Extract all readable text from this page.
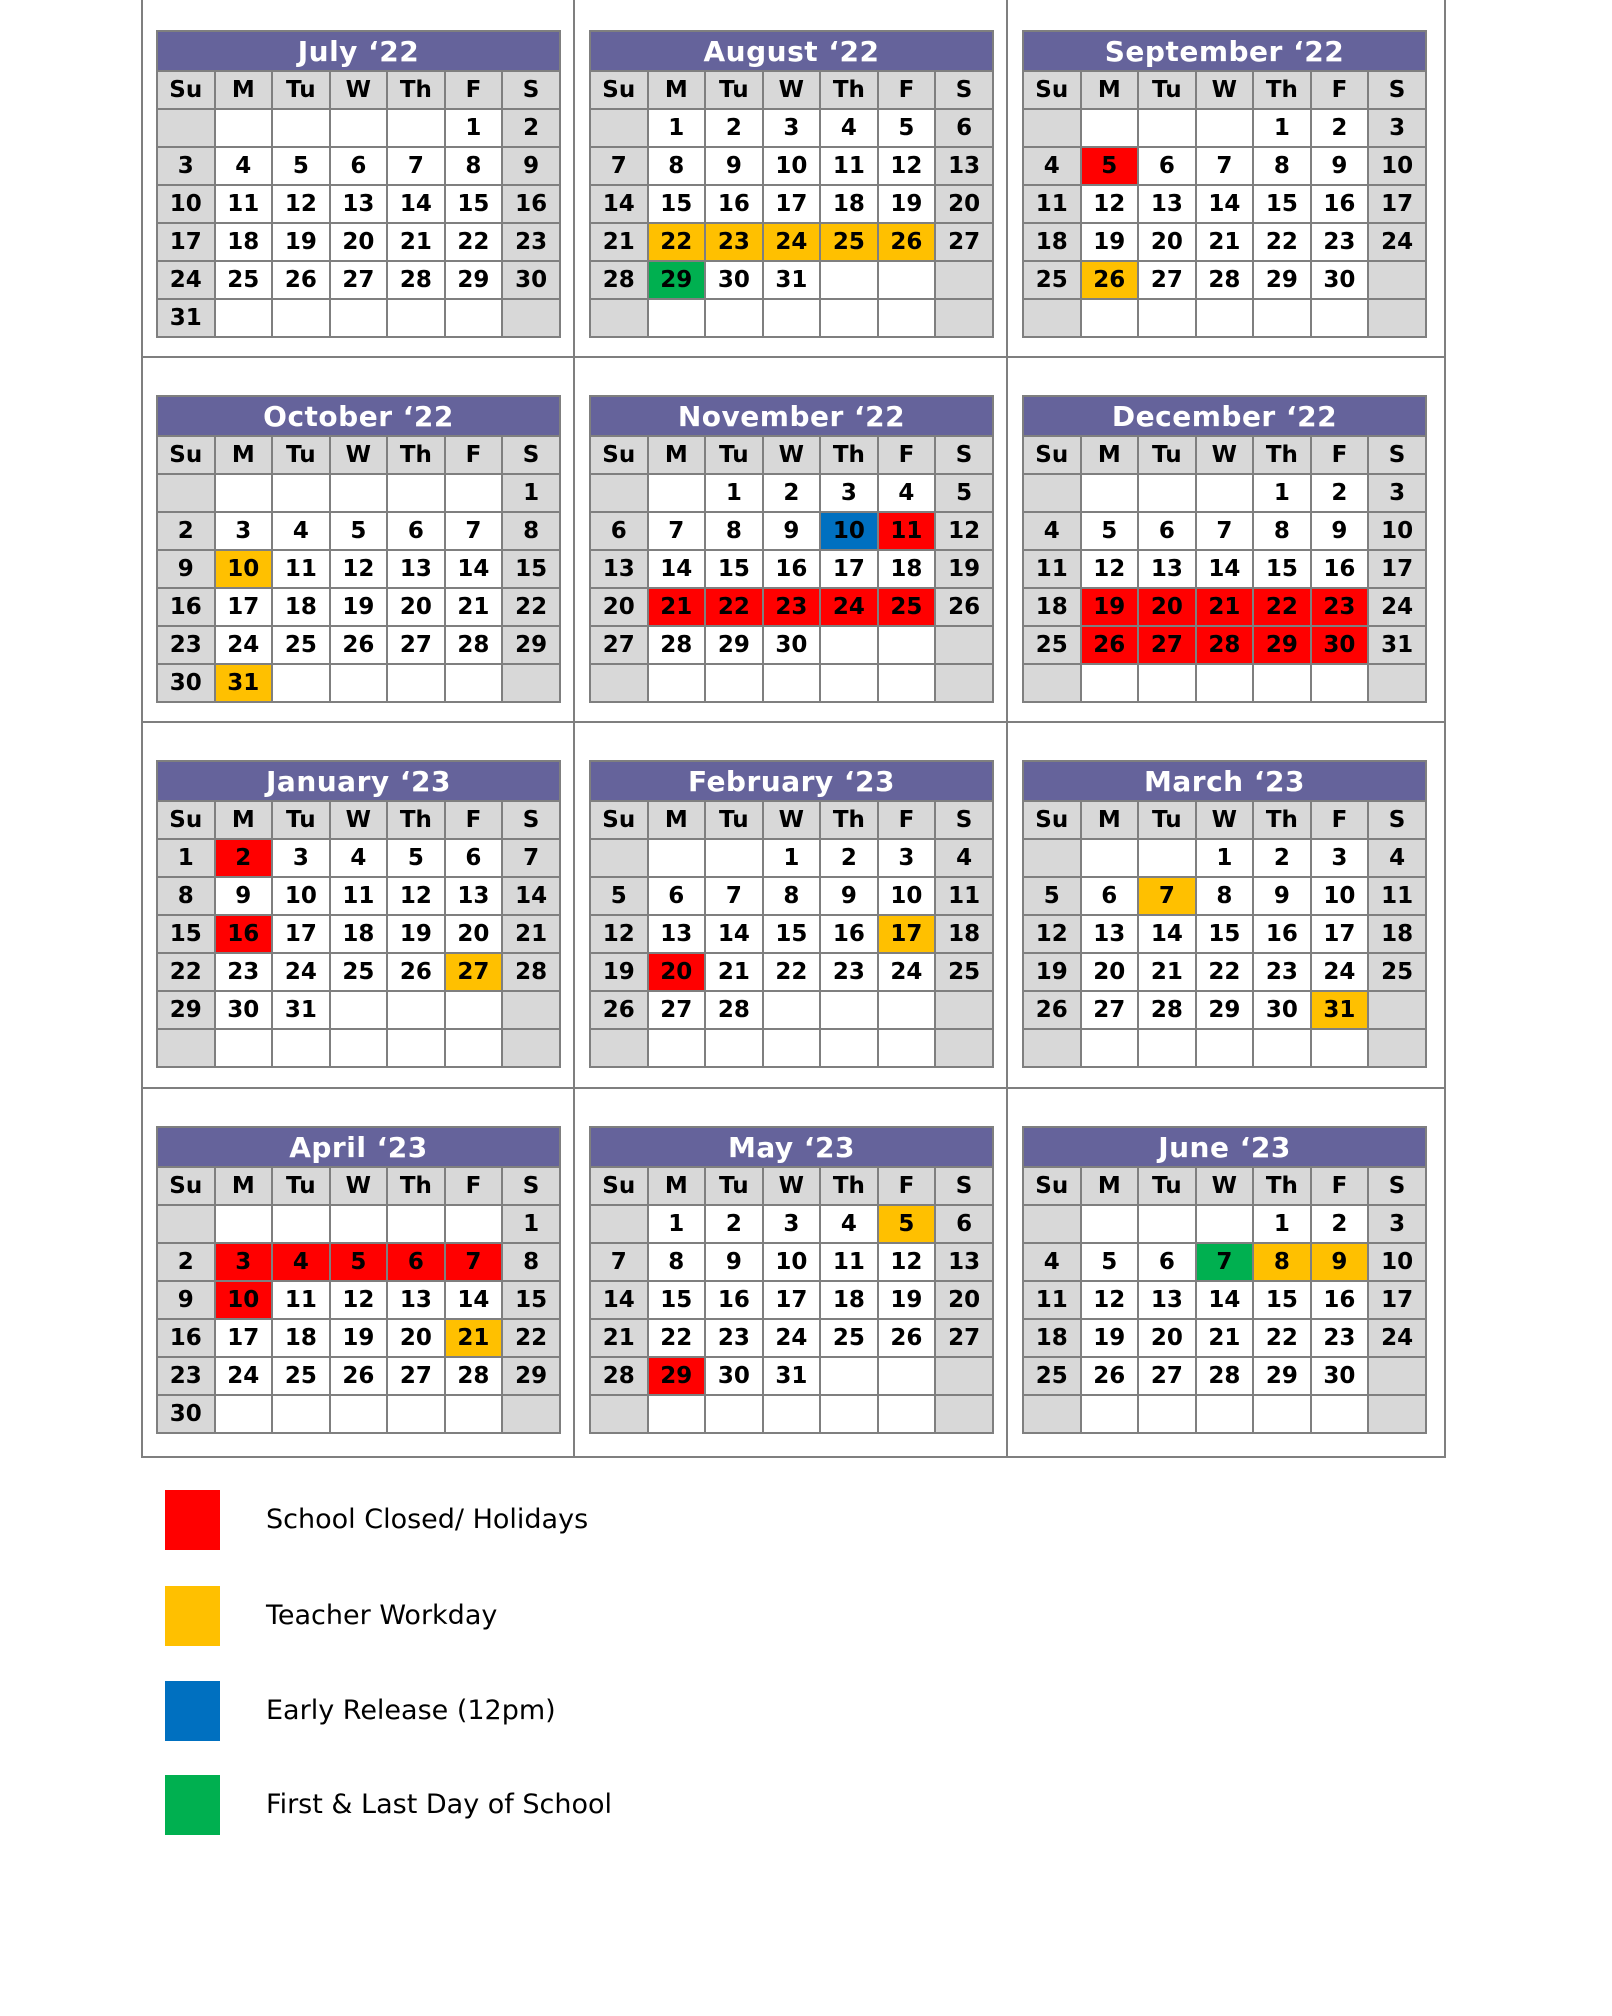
July ‘22						
Su	M	Tu	W	Th	F	S
					1	2
3	4	5	6	7	8	9
10	11	12	13	14	15	16
17	18	19	20	21	22	23
24	25	26	27	28	29	30
31						
August ‘22						
Su	M	Tu	W	Th	F	S
	1	2	3	4	5	6
7	8	9	10	11	12	13
14	15	16	17	18	19	20
21	22	23	24	25	26	27
28	29	30	31			

September ‘22						
Su	M	Tu	W	Th	F	S
				1	2	3
4	5	6	7	8	9	10
11	12	13	14	15	16	17
18	19	20	21	22	23	24
25	26	27	28	29	30	

October ‘22						
Su	M	Tu	W	Th	F	S
						1
2	3	4	5	6	7	8
9	10	11	12	13	14	15
16	17	18	19	20	21	22
23	24	25	26	27	28	29
30	31					
November ‘22						
Su	M	Tu	W	Th	F	S
		1	2	3	4	5
6	7	8	9	10	11	12
13	14	15	16	17	18	19
20	21	22	23	24	25	26
27	28	29	30			

December ‘22						
Su	M	Tu	W	Th	F	S
				1	2	3
4	5	6	7	8	9	10
11	12	13	14	15	16	17
18	19	20	21	22	23	24
25	26	27	28	29	30	31

January ‘23						
Su	M	Tu	W	Th	F	S
1	2	3	4	5	6	7
8	9	10	11	12	13	14
15	16	17	18	19	20	21
22	23	24	25	26	27	28
29	30	31				

February ‘23						
Su	M	Tu	W	Th	F	S
			1	2	3	4
5	6	7	8	9	10	11
12	13	14	15	16	17	18
19	20	21	22	23	24	25
26	27	28				

March ‘23						
Su	M	Tu	W	Th	F	S
			1	2	3	4
5	6	7	8	9	10	11
12	13	14	15	16	17	18
19	20	21	22	23	24	25
26	27	28	29	30	31	

April ‘23						
Su	M	Tu	W	Th	F	S
						1
2	3	4	5	6	7	8
9	10	11	12	13	14	15
16	17	18	19	20	21	22
23	24	25	26	27	28	29
30						
May ‘23						
Su	M	Tu	W	Th	F	S
	1	2	3	4	5	6
7	8	9	10	11	12	13
14	15	16	17	18	19	20
21	22	23	24	25	26	27
28	29	30	31			

June ‘23						
Su	M	Tu	W	Th	F	S
				1	2	3
4	5	6	7	8	9	10
11	12	13	14	15	16	17
18	19	20	21	22	23	24
25	26	27	28	29	30	

School Closed/ Holidays
Teacher Workday
Early Release (12pm)
First & Last Day of School
